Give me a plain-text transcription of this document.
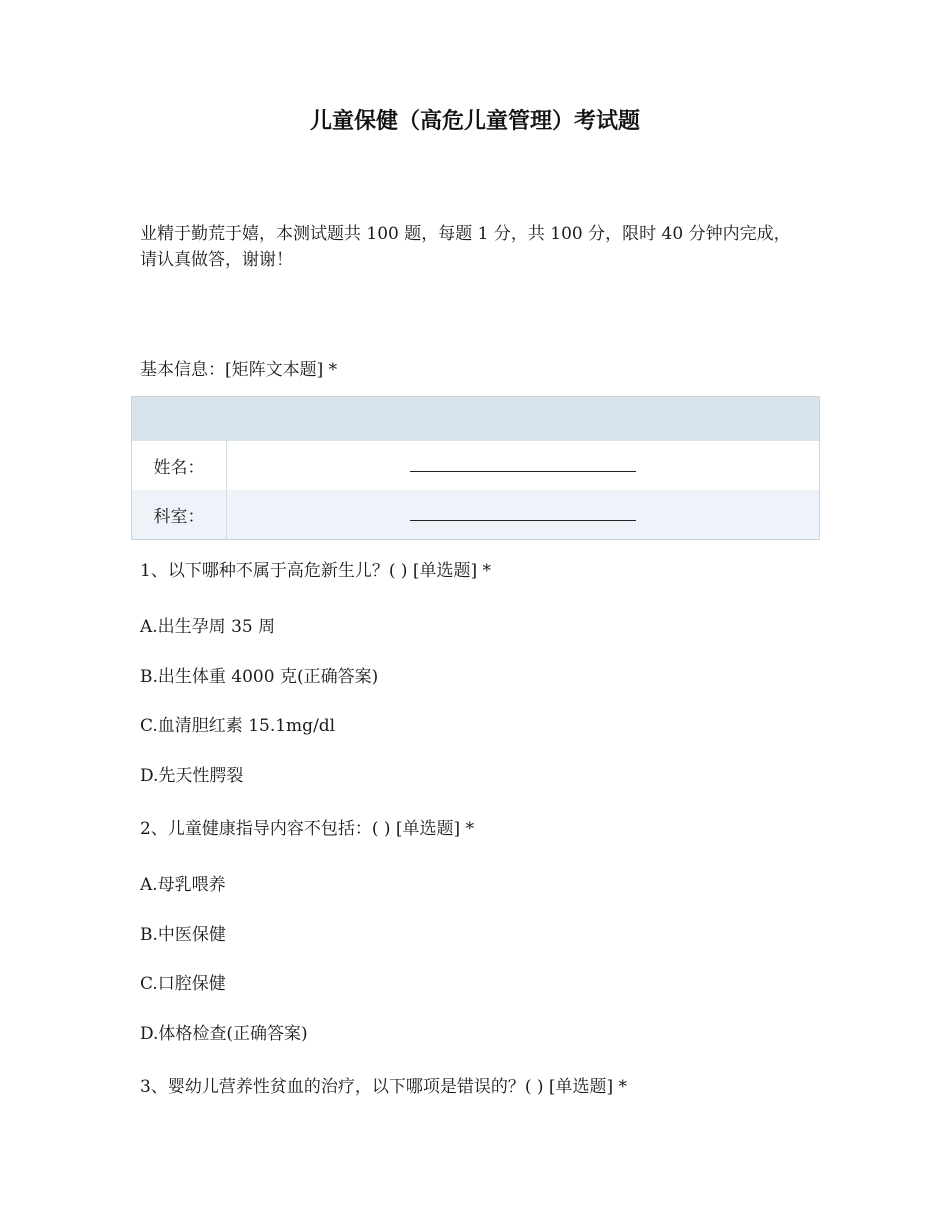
儿童保健（高危儿童管理）考试题
业精于勤荒于嬉，本测试题共 100 题，每题 1 分，共 100 分，限时 40 分钟内完成，请认真做答，谢谢！
基本信息：[矩阵文本题] *
姓名：
科室：
1、以下哪种不属于高危新生儿？( ) [单选题] *
A.出生孕周 35 周
B.出生体重 4000 克(正确答案)
C.血清胆红素 15.1mg/dl
D.先天性腭裂
2、儿童健康指导内容不包括：( ) [单选题] *
A.母乳喂养
B.中医保健
C.口腔保健
D.体格检查(正确答案)
3、婴幼儿营养性贫血的治疗，以下哪项是错误的？( ) [单选题] *
